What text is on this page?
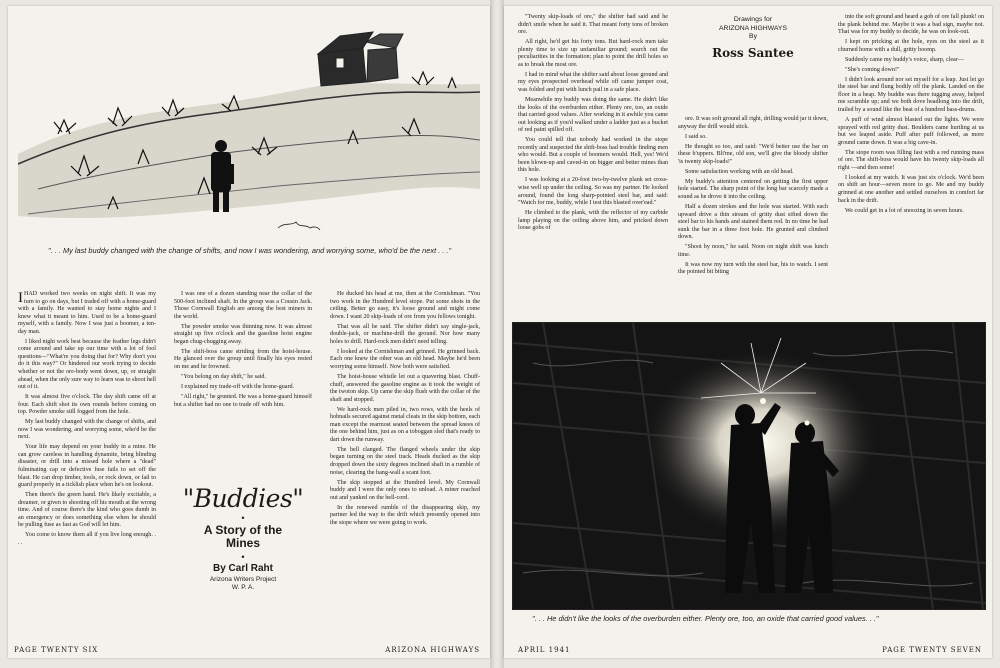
". . . My last buddy changed with the change of shifts, and now I was wondering, and worrying some, who'd be the next . . ."

IHAD worked two weeks on night shift. It was my turn to go on days, but I traded off with a home-guard with a family. He wanted to stay home nights and I knew what it meant to him. Used to be a home-guard myself, with a family. Now I was just a boomer, a ten-day man.

I liked night work best because the feather legs didn't come around and take up our time with a lot of fool questions—"What're you doing that for? Why don't you do it this way?" Or hindered our work trying to decide whether or not the ore-body went down, up, or straight ahead, when the only sure way to learn was to shoot hell out of it.

It was almost five o'clock. The day shift came off at four. Each shift shot its own rounds before coming on top. Powder smoke still fogged from the hole.

My last buddy changed with the change of shifts, and now I was wondering, and worrying some, who'd be the next.

Your life may depend on your buddy in a mine. He can grow careless in handling dynamite, bring blinding disaster, or drill into a missed hole where a "dead" fulminating cap or defective fuse fails to set off the blast. He can drop timber, tools, or rock down, or fail to guard properly in a ticklish place when he's on lookout.

Then there's the green hand. He's likely excitable, a dreamer, or given to shooting off his mouth at the wrong time. And of course there's the kind who goes dumb in an emergency or does something else when he should be pulling fuse as fast as God will let him.

You come to know them all if you live long enough. . . .

I was one of a dozen standing near the collar of the 500-foot inclined shaft. In the group was a Cousin Jack. Those Cornwall English are among the best miners in the world.

The powder smoke was thinning now. It was almost straight up five o'clock and the gasoline hoist engine began chug-chugging away.

The shift-boss came striding from the hoist-house. He glanced over the group until finally his eyes rested on me and he frowned.

"You belong on day shift," he said.

I explained my trade-off with the home-guard.

"All right," he grunted. He was a home-guard himself but a shifter had no one to trade off with him.

"Buddies"
•
A Story of the
Mines
•
By Carl Raht
Arizona Writers Project
W. P. A.

He ducked his head at me, then at the Cornishman. "You two work in the Hundred level stope. Put some shots in the ceiling. Better go easy, it's loose ground and might come down. I want 20 skip-loads of ore from you fellows tonight.

That was all he said. The shifter didn't say single-jack, double-jack, or machine-drill the ground. Nor how many holes to drill. Hard-rock men didn't need telling.

I looked at the Cornishman and grinned. He grinned back. Each one knew the other was an old head. Maybe he'd been worrying some himself. Now both were satisfied.

The hoist-house whistle let out a quavering blast. Chuff-chuff, answered the gasoline engine as it took the weight of the twoton skip. Up came the skip flush with the collar of the shaft and stopped.

We hard-rock men piled in, two rows, with the heels of hobnails secured against metal cleats in the skip bottom, each man except the rearmost seated between the spread knees of the one behind him, just as on a toboggan sled that's ready to dart down the runway.

The bell clanged. The flanged wheels under the skip began turning on the steel track. Heads ducked as the skip dropped down the sixty degrees inclined shaft in a rumble of noise, clearing the hang-wall a scant foot.

The skip stopped at the Hundred level. My Cornwall buddy and I were the only ones to unload. A miner reached out and yanked on the bell-cord.

In the renewed rumble of the disappearing skip, my partner led the way to the drift which presently opened into the stope where we were going to work.

PAGE TWENTY SIX	ARIZONA HIGHWAYS

"Twenty skip-loads of ore," the shifter had said and he didn't smile when he said it. That meant forty tons of broken ore.

All right, he'd get his forty tons. But hard-rock men take plenty time to size up unfamiliar ground; search out the peculiarities in the formation; plan to point the drill holes so as to break the most ore.

I had in mind what the shifter said about loose ground and my eyes prospected overhead while off came jumper coat, was folded and put with lunch pail in a safe place.

Meanwhile my buddy was doing the same. He didn't like the looks of the overburden either. Plenty ore, too, an oxide that carried good values. After working in it awhile you came out looking as if you'd walked under a ladder just as a bucket of red paint spilled off.

You could tell that nobody had worked in the stope recently and suspected the shift-boss had trouble finding men who would. But a couple of boomers would. Hell, yes! We'd been blown-up and caved-in on bigger and better mines than this hole.

I was looking at a 20-foot two-by-twelve plank set cross-wise well up under the ceiling. So was my partner. He looked around, found the long sharp-pointed steel bar, and said: "Watch for me, buddy, while I test this blasted over'ead."

He climbed to the plank, with the reflector of my carbide lamp playing on the ceiling above him, and pricked down loose gobs of

Drawings for
ARIZONA HIGHWAYS
By
Ross Santee

ore. It was soft ground all right, drilling would jar it down, anyway the drill would stick.

I said so.

He thought so too, and said: "We'd better use the bar on these b'uppers. Bli'me, old son, we'll give the bloody shifter 'is twenty skip-loads!"

Some satisfaction working with an old head.

My buddy's attention centered on getting the first upper hole started. The sharp point of the long bar scarcely made a sound as he drove it into the ceiling.

Half a dozen strokes and the hole was started. With each upward drive a thin stream of gritty dust sifted down the steel bar to his hands and stained them red. In no time he had sunk the bar in a three foot hole. He grunted and climbed down.

"Shoot by noon," he said. Noon on night shift was lunch time.

It was now my turn with the steel bar, his to watch. I sent the pointed bit biting

into the soft ground and heard a gob of ore fall plunk! on the plank behind me. Maybe it was a bad sign, maybe not. That was for my buddy to decide, he was on look-out.

I kept on pricking at the hole, eyes on the steel as it churned home with a dull, gritty boomp.

Suddenly came my buddy's voice, sharp, clear—

"She's coming down!"

I didn't look around nor set myself for a leap. Just let go the steel bar and flung bodily off the plank. Landed on the floor in a heap. My buddie was there tugging away, helped me scramble up; and we both dove headlong into the drift, trailed by a sound like the beat of a hundred bass-drums.

A puff of wind almost blasted out the lights. We were sprayed with red gritty dust. Boulders came hurtling at us but we leaped aside. Puff after puff followed, as more ground came down. It was a big cave-in.

The stope room was filling fast with a red running mass of ore. The shift-boss would have his twenty skip-loads all right —and then some!

I looked at my watch. It was just six o'clock. We'd been on shift an hour—seven more to go. Me and my buddy grinned at one another and settled ourselves in comfort far back in the drift.

We could get in a lot of snoozing in seven hours.

". . . He didn't like the looks of the overburden either. Plenty ore, too, an oxide that carried good values. . ."
APRIL 1941	PAGE TWENTY SEVEN
